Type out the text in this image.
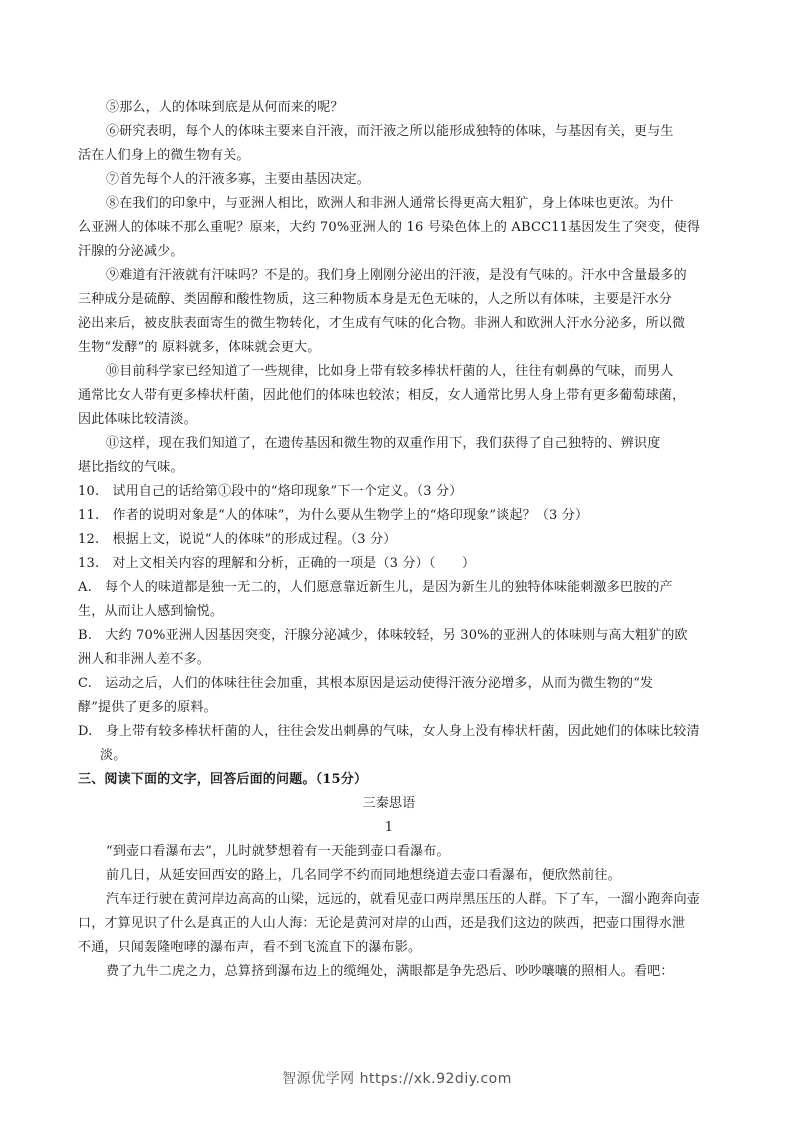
⑤那么，人的体味到底是从何而来的呢？

⑥研究表明，每个人的体味主要来自汗液，而汗液之所以能形成独特的体味，与基因有关，更与生

活在人们身上的微生物有关。

⑦首先每个人的汗液多寡，主要由基因决定。

⑧在我们的印象中，与亚洲人相比，欧洲人和非洲人通常长得更高大粗犷，身上体味也更浓。为什

么亚洲人的体味不那么重呢？原来，大约 70%亚洲人的 16 号染色体上的 ABCC11基因发生了突变，使得

汗腺的分泌减少。

⑨难道有汗液就有汗味吗？不是的。我们身上刚刚分泌出的汗液，是没有气味的。汗水中含量最多的

三种成分是硫醇、类固醇和酸性物质，这三种物质本身是无色无味的，人之所以有体味，主要是汗水分

泌出来后，被皮肤表面寄生的微生物转化，才生成有气味的化合物。非洲人和欧洲人汗水分泌多，所以微

生物“发酵”的 原料就多，体味就会更大。

⑩目前科学家已经知道了一些规律，比如身上带有较多棒状杆菌的人，往往有刺鼻的气味，而男人

通常比女人带有更多棒状杆菌，因此他们的体味也较浓；相反，女人通常比男人身上带有更多葡萄球菌，

因此体味比较清淡。

⑪这样，现在我们知道了，在遗传基因和微生物的双重作用下，我们获得了自己独特的、辨识度

堪比指纹的气味。

10.　试用自己的话给第①段中的“烙印现象”下一个定义。（3 分）

11.　作者的说明对象是“人的体味”，为什么要从生物学上的“烙印现象”谈起？（3 分）

12.　根据上文，说说“人的体味”的形成过程。（3 分）

13.　对上文相关内容的理解和分析，正确的一项是（3 分）（　　）

A.　每个人的味道都是独一无二的，人们愿意靠近新生儿，是因为新生儿的独特体味能刺激多巴胺的产

生，从而让人感到愉悦。

B.　大约 70%亚洲人因基因突变，汗腺分泌减少，体味较轻，另 30%的亚洲人的体味则与高大粗犷的欧

洲人和非洲人差不多。

C.　运动之后，人们的体味往往会加重，其根本原因是运动使得汗液分泌增多，从而为微生物的“发

酵”提供了更多的原料。

D.　身上带有较多棒状杆菌的人，往往会发出刺鼻的气味，女人身上没有棒状杆菌，因此她们的体味比较清

淡。

三、阅读下面的文字，回答后面的问题。（15分）

三秦思语

1

“到壶口看瀑布去”，儿时就梦想着有一天能到壶口看瀑布。

前几日，从延安回西安的路上，几名同学不约而同地想绕道去壶口看瀑布，便欣然前往。

汽车迂行驶在黄河岸边高高的山梁，远远的，就看见壶口两岸黑压压的人群。下了车，一溜小跑奔向壶

口，才算见识了什么是真正的人山人海：无论是黄河对岸的山西，还是我们这边的陕西，把壶口围得水泄

不通，只闻轰隆咆哮的瀑布声，看不到飞流直下的瀑布影。

费了九牛二虎之力，总算挤到瀑布边上的缆绳处，满眼都是争先恐后、吵吵嚷嚷的照相人。看吧：

智源优学网 https://xk.92diy.com
